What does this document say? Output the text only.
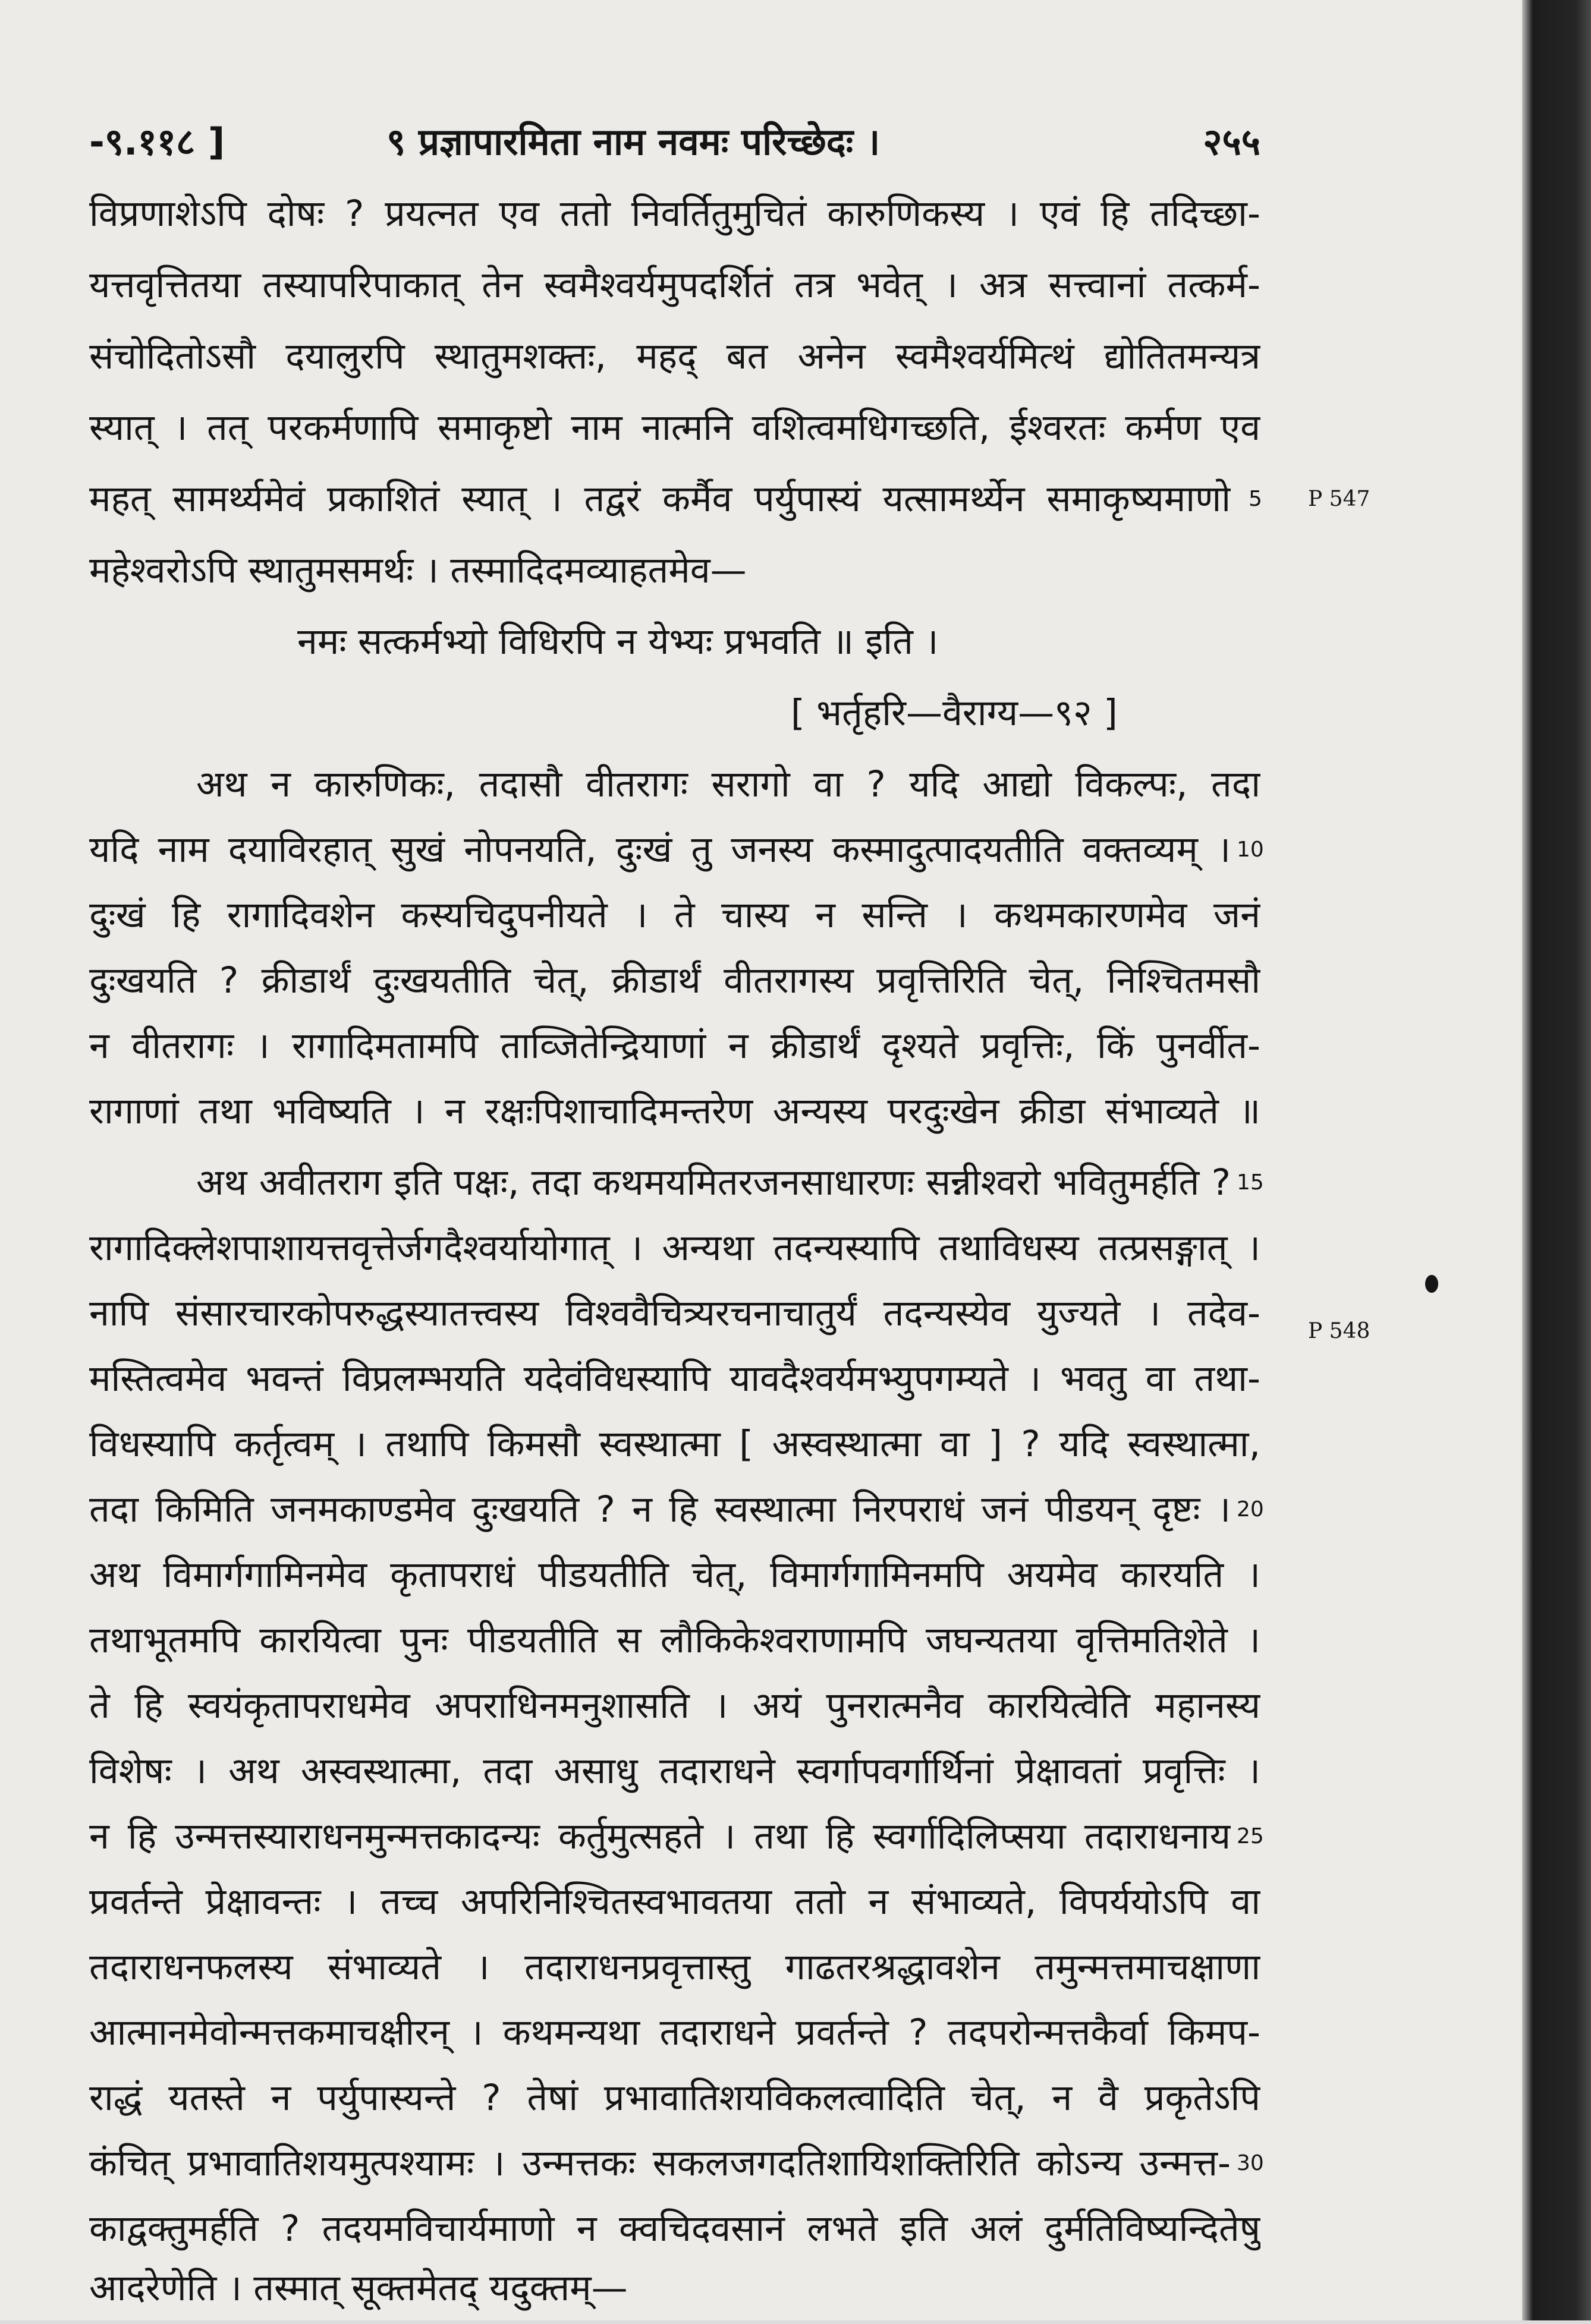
-९.११८ ]	९ प्रज्ञापारमिता नाम नवमः परिच्छेदः ।	२५५
विप्रणाशेऽपि दोषः ? प्रयत्नत एव ततो निवर्तितुमुचितं कारुणिकस्य । एवं हि तदिच्छा-
यत्तवृत्तितया तस्यापरिपाकात् तेन स्वमैश्वर्यमुपदर्शितं तत्र भवेत् । अत्र सत्त्वानां तत्कर्म-
संचोदितोऽसौ दयालुरपि स्थातुमशक्तः, महद् बत अनेन स्वमैश्वर्यमित्थं द्योतितमन्यत्र
स्यात् । तत् परकर्मणापि समाकृष्टो नाम नात्मनि वशित्वमधिगच्छति, ईश्वरतः कर्मण एव
महत् सामर्थ्यमेवं प्रकाशितं स्यात् । तद्वरं कर्मैव पर्युपास्यं यत्सामर्थ्येन समाकृष्यमाणो
महेश्वरोऽपि स्थातुमसमर्थः । तस्मादिदमव्याहतमेव—
नमः सत्कर्मभ्यो विधिरपि न येभ्यः प्रभवति ॥ इति ।
[ भर्तृहरि—वैराग्य—९२ ]
अथ न कारुणिकः, तदासौ वीतरागः सरागो वा ? यदि आद्यो विकल्पः, तदा
यदि नाम दयाविरहात् सुखं नोपनयति, दुःखं तु जनस्य कस्मादुत्पादयतीति वक्तव्यम् ।
दुःखं हि रागादिवशेन कस्यचिदुपनीयते । ते चास्य न सन्ति । कथमकारणमेव जनं
दुःखयति ? क्रीडार्थं दुःखयतीति चेत्, क्रीडार्थं वीतरागस्य प्रवृत्तिरिति चेत्, निश्चितमसौ
न वीतरागः । रागादिमतामपि ताव्जितेन्द्रियाणां न क्रीडार्थं दृश्यते प्रवृत्तिः, किं पुनर्वीत-
रागाणां तथा भविष्यति । न रक्षःपिशाचादिमन्तरेण अन्यस्य परदुःखेन क्रीडा संभाव्यते ॥
अथ अवीतराग इति पक्षः, तदा कथमयमितरजनसाधारणः सन्नीश्वरो भवितुमर्हति ?
रागादिक्लेशपाशायत्तवृत्तेर्जगदैश्वर्यायोगात् । अन्यथा तदन्यस्यापि तथाविधस्य तत्प्रसङ्गात् ।
नापि संसारचारकोपरुद्धस्यातत्त्वस्य विश्ववैचित्र्यरचनाचातुर्यं तदन्यस्येव युज्यते । तदेव-
मस्तित्वमेव भवन्तं विप्रलम्भयति यदेवंविधस्यापि यावदैश्वर्यमभ्युपगम्यते । भवतु वा तथा-
विधस्यापि कर्तृत्वम् । तथापि किमसौ स्वस्थात्मा [ अस्वस्थात्मा वा ] ? यदि स्वस्थात्मा,
तदा किमिति जनमकाण्डमेव दुःखयति ? न हि स्वस्थात्मा निरपराधं जनं पीडयन् दृष्टः ।
अथ विमार्गगामिनमेव कृतापराधं पीडयतीति चेत्, विमार्गगामिनमपि अयमेव कारयति ।
तथाभूतमपि कारयित्वा पुनः पीडयतीति स लौकिकेश्वराणामपि जघन्यतया वृत्तिमतिशेते ।
ते हि स्वयंकृतापराधमेव अपराधिनमनुशासति । अयं पुनरात्मनैव कारयित्वेति महानस्य
विशेषः । अथ अस्वस्थात्मा, तदा असाधु तदाराधने स्वर्गापवर्गार्थिनां प्रेक्षावतां प्रवृत्तिः ।
न हि उन्मत्तस्याराधनमुन्मत्तकादन्यः कर्तुमुत्सहते । तथा हि स्वर्गादिलिप्सया तदाराधनाय
प्रवर्तन्ते प्रेक्षावन्तः । तच्च अपरिनिश्चितस्वभावतया ततो न संभाव्यते, विपर्ययोऽपि वा
तदाराधनफलस्य संभाव्यते । तदाराधनप्रवृत्तास्तु गाढतरश्रद्धावशेन तमुन्मत्तमाचक्षाणा
आत्मानमेवोन्मत्तकमाचक्षीरन् । कथमन्यथा तदाराधने प्रवर्तन्ते ? तदपरोन्मत्तकैर्वा किमप-
राद्धं यतस्ते न पर्युपास्यन्ते ? तेषां प्रभावातिशयविकलत्वादिति चेत्, न वै प्रकृतेऽपि
कंचित् प्रभावातिशयमुत्पश्यामः । उन्मत्तकः सकलजगदतिशायिशक्तिरिति कोऽन्य उन्मत्त-
काद्वक्तुमर्हति ? तदयमविचार्यमाणो न क्वचिदवसानं लभते इति अलं दुर्मतिविष्यन्दितेषु
आदरेणेति । तस्मात् सूक्तमेतद् यदुक्तम्—
5
10
15
20
25
30
P 547
P 548
